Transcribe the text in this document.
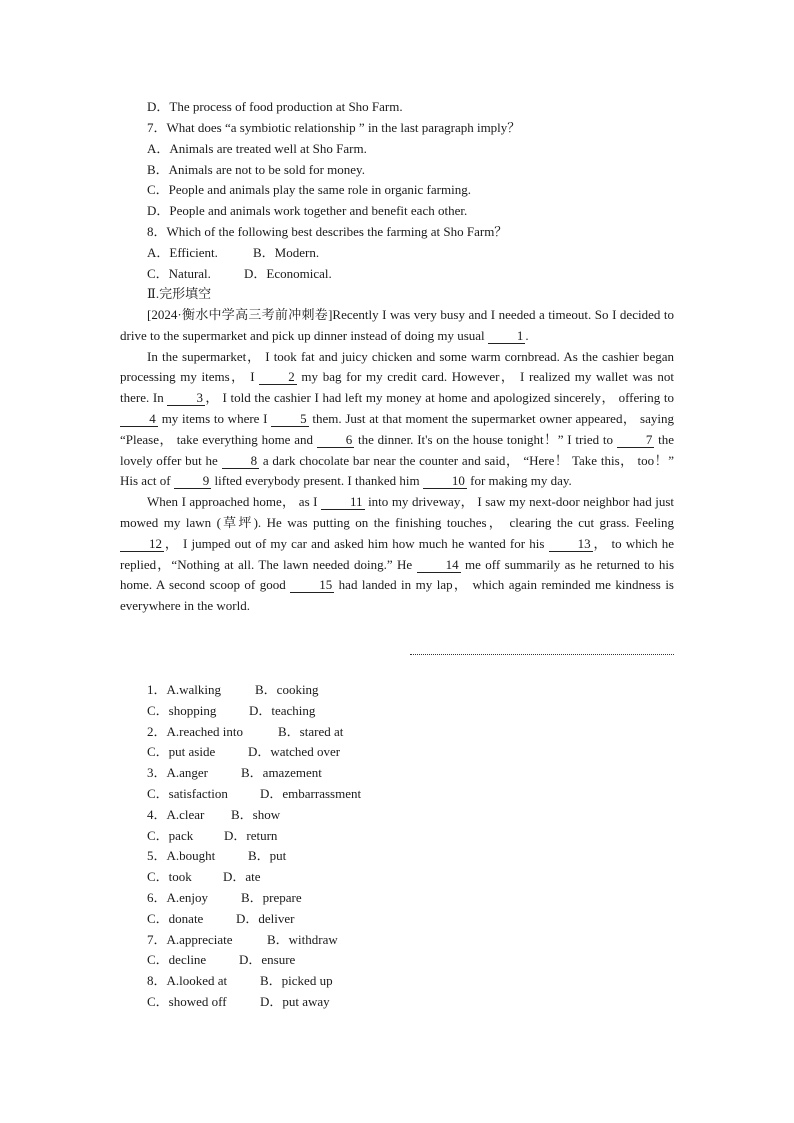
D．The process of food production at Sho Farm.
7．What does “a symbiotic relationship ” in the last paragraph imply？
A．Animals are treated well at Sho Farm.
B．Animals are not to be sold for money.
C．People and animals play the same role in organic farming.
D．People and animals work together and benefit each other.
8．Which of the following best describes the farming at Sho Farm？
A．Efficient.	B．Modern.
C．Natural.	D．Economical.
Ⅱ.完形填空

[2024·衡水中学高三考前冲刺卷]Recently I was very busy and I needed a timeout. So I decided to drive to the supermarket and pick up dinner instead of doing my usual 1 .

In the supermarket， I took fat and juicy chicken and some warm cornbread. As the cashier began processing my items， I 2 my bag for my credit card. However， I realized my wallet was not there. In 3 ， I told the cashier I had left my money at home and apologized sincerely， offering to 4 my items to where I 5 them. Just at that moment the supermarket owner appeared， saying “Please， take everything home and 6 the dinner. It's on the house tonight！” I tried to 7 the lovely offer but he 8 a dark chocolate bar near the counter and said， “Here！ Take this， too！” His act of 9 lifted everybody present. I thanked him 10 for making my day.

When I approached home， as I 11 into my driveway， I saw my next-door neighbor had just mowed my lawn (草坪). He was putting on the finishing touches， clearing the cut grass. Feeling 12 ， I jumped out of my car and asked him how much he wanted for his 13 ， to which he replied，“Nothing at all. The lawn needed doing.” He 14 me off summarily as he returned to his home. A second scoop of good 15 had landed in my lap， which again reminded me kindness is everywhere in the world.

1．A.walking	B．cooking
C．shopping	D．teaching
2．A.reached into	B．stared at
C．put aside	D．watched over
3．A.anger	B．amazement
C．satisfaction D．embarrassment
4．A.clear B．show
C．pack D．return
5．A.bought	B．put
C．took D．ate
6．A.enjoy	B．prepare
C．donate	D．deliver
7．A.appreciate	B．withdraw
C．decline	D．ensure
8．A.looked at	B．picked up
C．showed off	D．put away
